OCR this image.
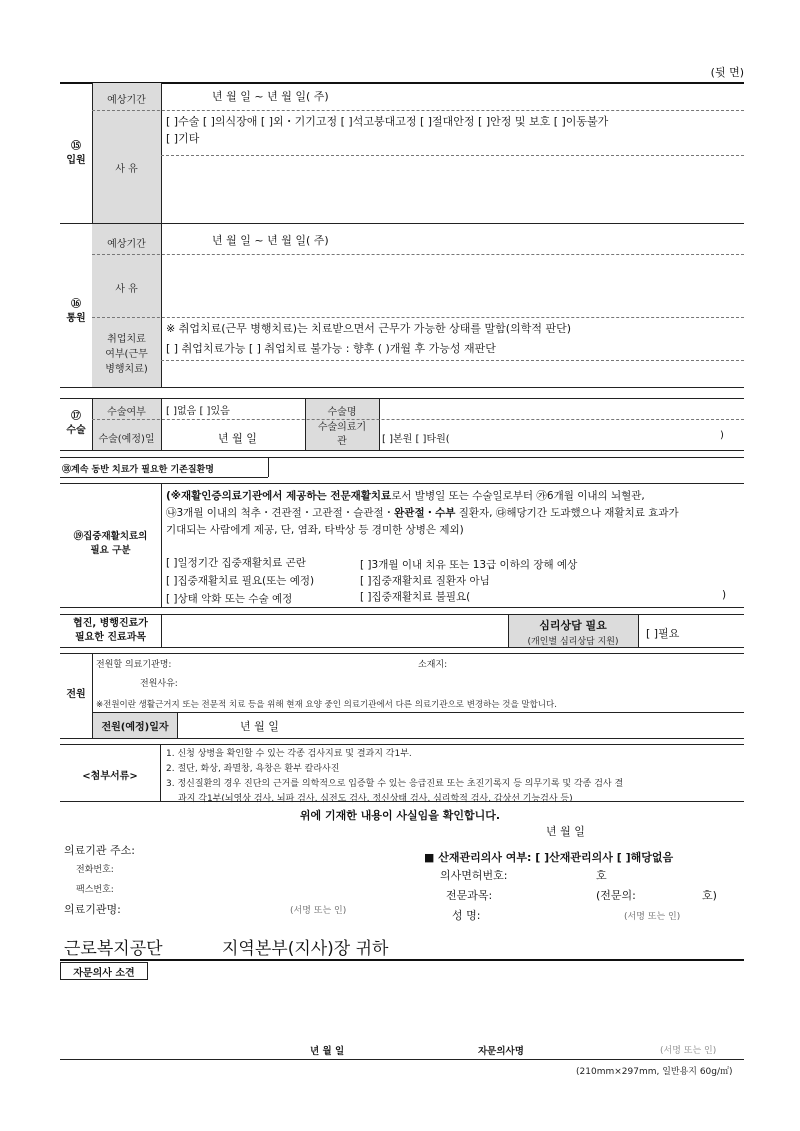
(뒷 면)
⑮
입원
예상기간	년 월 일 ~ 년 월 일( 주)
사 유
[ ]수술 [ ]의식장애 [ ]외・기기고정 [ ]석고붕대고정 [ ]절대안정 [ ]안정 및 보호 [ ]이동불가
[ ]기타
⑯
통원
예상기간	년 월 일 ~ 년 월 일( 주)
사 유
취업치료
여부(근무
병행치료)
※ 취업치료(근무 병행치료)는 치료받으면서 근무가 가능한 상태를 말함(의학적 판단)
[ ] 취업치료가능 [ ] 취업치료 불가능 : 향후 ( )개월 후 가능성 재판단
⑰
수술
수술여부	[ ]없음 [ ]있음	수술명
수술(예정)일	년 월 일
수술의료기
관	[ ]본원 [ ]타원(	)
⑱계속 동반 치료가 필요한 기존질환명
⑲집중재활치료의
필요 구분
(※재활인증의료기관에서 제공하는 전문재활치료로서 발병일 또는 수술일로부터 ㉮6개월 이내의 뇌혈관,
㉯3개월 이내의 척추・견관절・고관절・슬관절・완관절・수부 질환자, ㉰해당기간 도과했으나 재활치료 효과가
기대되는 사람에게 제공, 단, 염좌, 타박상 등 경미한 상병은 제외)
[ ]일정기간 집중재활치료 곤란
[ ]집중재활치료 필요(또는 예정)
[ ]상태 악화 또는 수술 예정
[ ]3개월 이내 치유 또는 13급 이하의 장해 예상
[ ]집중재활치료 질환자 아님
[ ]집중재활치료 불필요(	)
협진, 병행진료가
필요한 진료과목
심리상담 필요
(개인별 심리상담 지원)
[ ]필요
전원
전원할 의료기관명:	소재지:
전원사유:
※전원이란 생활근거지 또는 전문적 치료 등을 위해 현재 요양 중인 의료기관에서 다른 의료기관으로 변경하는 것을 말합니다.
전원(예정)일자	년 월 일
<첨부서류>
1. 신청 상병을 확인할 수 있는 각종 검사지료 및 결과지 각1부.
2. 절단, 화상, 좌멸창, 욕창은 환부 칼라사진
3. 정신질환의 경우 진단의 근거를 의학적으로 입증할 수 있는 응급진료 또는 초진기록지 등 의무기록 및 각종 검사 결
과지 각1부(뇌영상 검사, 뇌파 검사, 심전도 검사, 정신상태 검사, 심리학적 검사, 갑상선 기능검사 등)
위에 기재한 내용이 사실임을 확인합니다.
년 월 일
의료기관 주소:
전화번호:
팩스번호:
의료기관명:	(서명 또는 인)
■ 산재관리의사 여부: [ ]산재관리의사 [ ]해당없음
의사면허번호:	호
전문과목:	(전문의:	호)
성 명:	(서명 또는 인)
근로복지공단	지역본부(지사)장 귀하
자문의사 소견
년 월 일	자문의사명	(서명 또는 인)
(210mm×297mm, 일반용지 60g/㎡)
